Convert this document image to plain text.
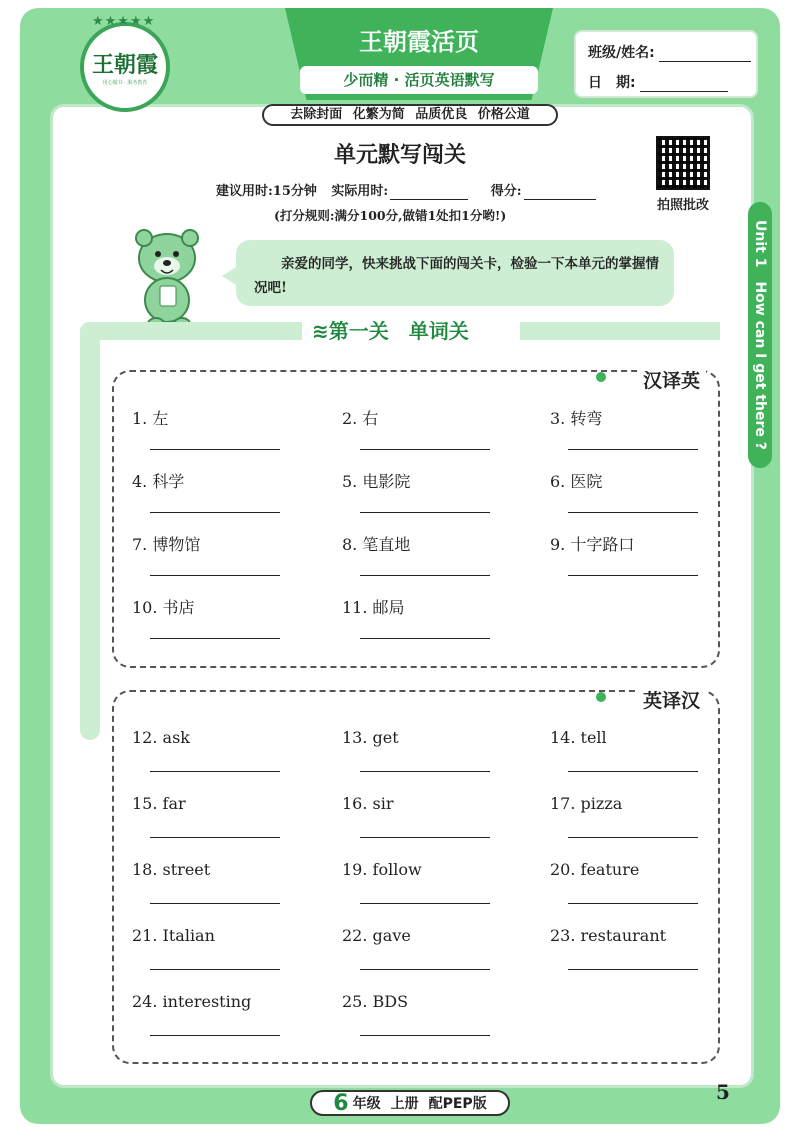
★★★★★
王朝霞
用心做书 · 服务教育
王朝霞活页
少而精 · 活页英语默写
去除封面 化繁为简 品质优良 价格公道
班级/姓名:
日　期:
单元默写闯关
建议用时:15分钟 实际用时:	得分:
(打分规则:满分100分,做错1处扣1分哟!)
拍照批改
Unit 1　How can I get there ?
亲爱的同学，快来挑战下面的闯关卡，检验一下本单元的掌握情况吧!
≋第一关　单词关
汉译英
1. 左	2. 右	3. 转弯
4. 科学	5. 电影院	6. 医院
7. 博物馆	8. 笔直地	9. 十字路口
10. 书店	11. 邮局
英译汉
12. ask	13. get	14. tell
15. far	16. sir	17. pizza
18. street	19. follow	20. feature
21. Italian	22. gave	23. restaurant
24. interesting	25. BDS
6 年级 上册 配PEP版	5
